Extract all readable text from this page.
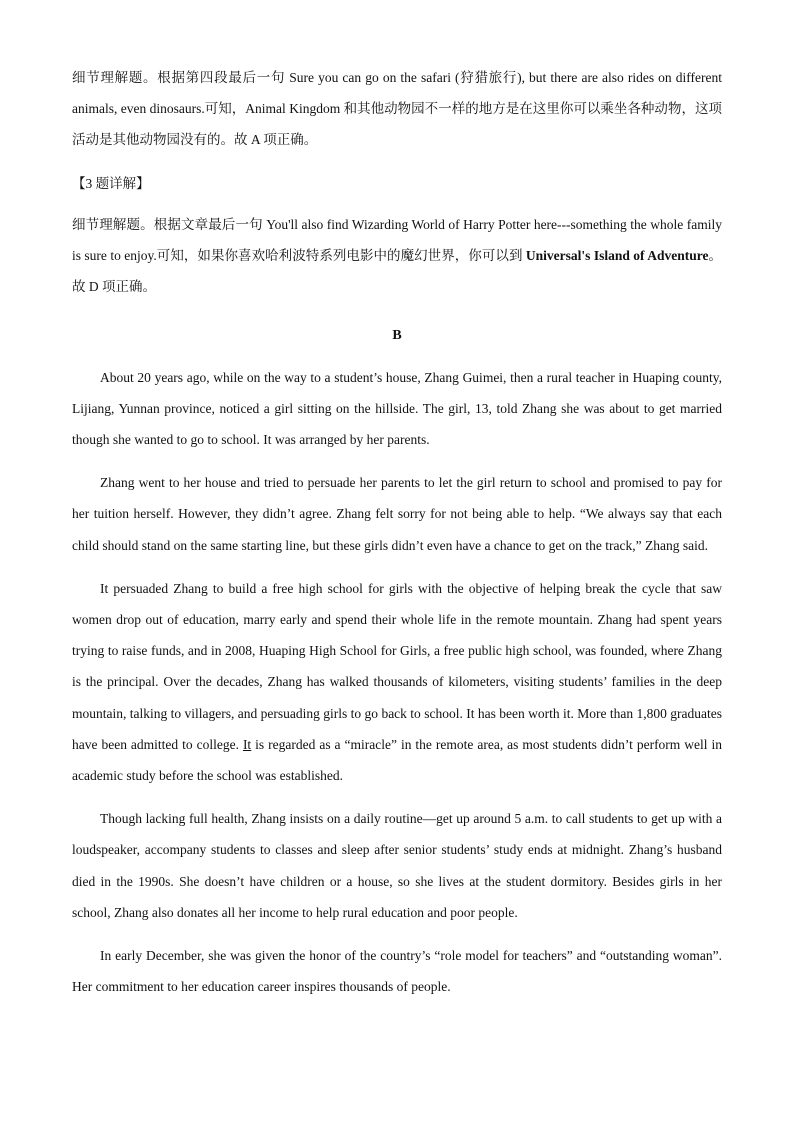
细节理解题。根据第四段最后一句 Sure you can go on the safari (狩猎旅行), but there are also rides on different animals, even dinosaurs.可知，Animal Kingdom 和其他动物园不一样的地方是在这里你可以乘坐各种动物，这项活动是其他动物园没有的。故 A 项正确。

【3 题详解】

细节理解题。根据文章最后一句 You'll also find Wizarding World of Harry Potter here---something the whole family is sure to enjoy.可知，如果你喜欢哈利波特系列电影中的魔幻世界，你可以到 Universal's Island of Adventure。故 D 项正确。

B

About 20 years ago, while on the way to a student’s house, Zhang Guimei, then a rural teacher in Huaping county, Lijiang, Yunnan province, noticed a girl sitting on the hillside. The girl, 13, told Zhang she was about to get married though she wanted to go to school. It was arranged by her parents.

Zhang went to her house and tried to persuade her parents to let the girl return to school and promised to pay for her tuition herself. However, they didn’t agree. Zhang felt sorry for not being able to help. “We always say that each child should stand on the same starting line, but these girls didn’t even have a chance to get on the track,” Zhang said.

It persuaded Zhang to build a free high school for girls with the objective of helping break the cycle that saw women drop out of education, marry early and spend their whole life in the remote mountain. Zhang had spent years trying to raise funds, and in 2008, Huaping High School for Girls, a free public high school, was founded, where Zhang is the principal. Over the decades, Zhang has walked thousands of kilometers, visiting students’ families in the deep mountain, talking to villagers, and persuading girls to go back to school. It has been worth it. More than 1,800 graduates have been admitted to college. It is regarded as a “miracle” in the remote area, as most students didn’t perform well in academic study before the school was established.

Though lacking full health, Zhang insists on a daily routine—get up around 5 a.m. to call students to get up with a loudspeaker, accompany students to classes and sleep after senior students’ study ends at midnight. Zhang’s husband died in the 1990s. She doesn’t have children or a house, so she lives at the student dormitory. Besides girls in her school, Zhang also donates all her income to help rural education and poor people.

In early December, she was given the honor of the country’s “role model for teachers” and “outstanding woman”. Her commitment to her education career inspires thousands of people.
